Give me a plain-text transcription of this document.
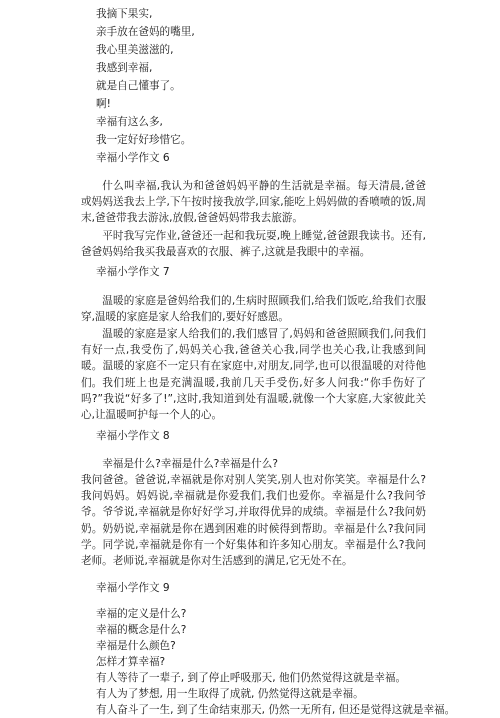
我摘下果实,
亲手放在爸妈的嘴里,
我心里美滋滋的,
我感到幸福,
就是自己懂事了。
啊!
幸福有这么多,
我一定好好珍惜它。
幸福小学作文 6
什么叫幸福,我认为和爸爸妈妈平静的生活就是幸福。每天清晨,爸爸或妈妈送我去上学,下午按时接我放学,回家,能吃上妈妈做的香喷喷的饭,周末,爸爸带我去游泳,放假,爸爸妈妈带我去旅游。
平时我写完作业,爸爸还一起和我玩耍,晚上睡觉,爸爸跟我读书。还有,爸爸妈妈给我买我最喜欢的衣服、裤子,这就是我眼中的幸福。
幸福小学作文 7
温暖的家庭是爸妈给我们的,生病时照顾我们,给我们饭吃,给我们衣服穿,温暖的家庭是家人给我们的,要好好感恩。
温暖的家庭是家人给我们的,我们感冒了,妈妈和爸爸照顾我们,问我们有好一点,我受伤了,妈妈关心我,爸爸关心我,同学也关心我,让我感到间暖。温暖的家庭不一定只有在家庭中,对朋友,同学,也可以很温暖的对待他们。 我们班上也是充满温暖,我前几天手受伤,好多人问我:“你手伤好了吗?”我说“好多了!”,这时,我知道到处有温暖,就像一个大家庭,大家彼此关心,让温暖呵护每一个人的心。
幸福小学作文 8
幸福是什么?幸福是什么?幸福是什么?
我问爸爸。爸爸说,幸福就是你对别人笑笑,别人也对你笑笑。幸福是什么?我问妈妈。妈妈说,幸福就是你爱我们,我们也爱你。幸福是什么?我问爷爷。爷爷说,幸福就是你好好学习,并取得优异的成绩。幸福是什么?我问奶奶。奶奶说,幸福就是你在遇到困难的时候得到帮助。幸福是什么?我问同学。同学说,幸福就是你有一个好集体和许多知心朋友。幸福是什么?我问老师。老师说,幸福就是你对生活感到的满足,它无处不在。
幸福小学作文 9
幸福的定义是什么?
幸福的概念是什么?
幸福是什么颜色?
怎样才算幸福?
有人等待了一辈子, 到了停止呼吸那天, 他们仍然觉得这就是幸福。
有人为了梦想, 用一生取得了成就, 仍然觉得这就是幸福。
有人奋斗了一生, 到了生命结束那天, 仍然一无所有, 但还是觉得这就是幸福。
